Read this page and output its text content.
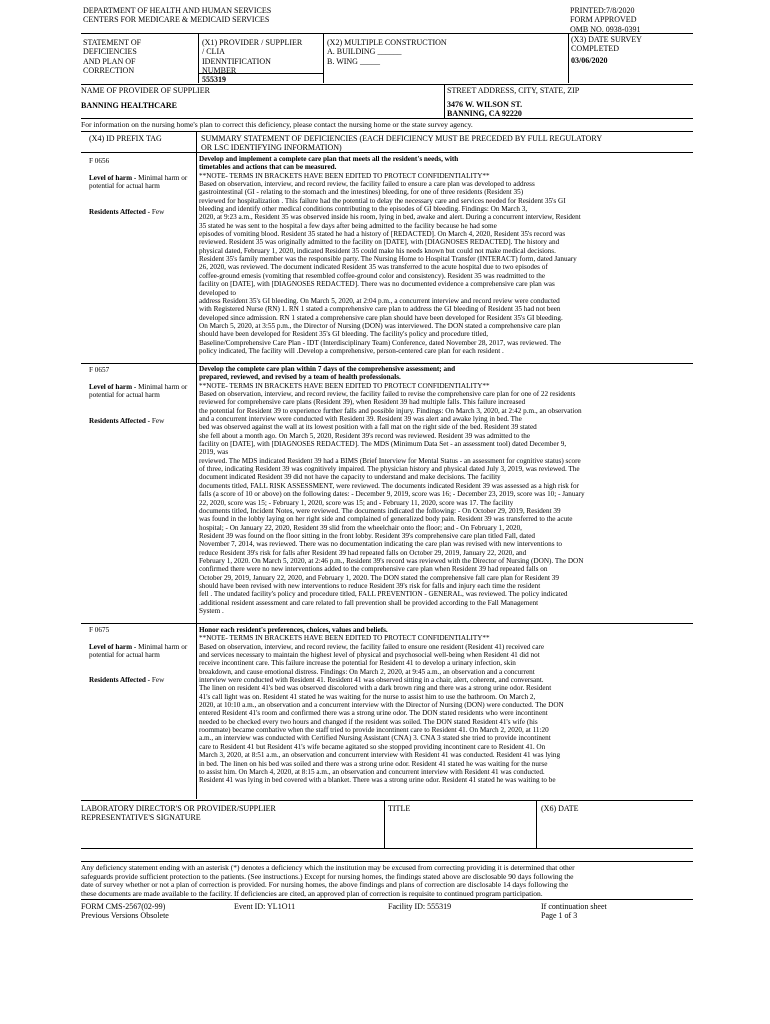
DEPARTMENT OF HEALTH AND HUMAN SERVICES
CENTERS FOR MEDICARE & MEDICAID SERVICES
PRINTED:7/8/2020
FORM APPROVED
OMB NO. 0938-0391
STATEMENT OF
DEFICIENCIES
AND PLAN OF
CORRECTION
(X1) PROVIDER / SUPPLIER
/ CLIA
IDENNTIFICATION
NUMBER
555319
(X2) MULTIPLE CONSTRUCTION
A. BUILDING ______
B. WING _____
(X3) DATE SURVEY
COMPLETED
03/06/2020
NAME OF PROVIDER OF SUPPLIER
BANNING HEALTHCARE
STREET ADDRESS, CITY, STATE, ZIP
3476 W. WILSON ST.
BANNING, CA 92220
For information on the nursing home's plan to correct this deficiency, please contact the nursing home or the state survey agency.
(X4) ID PREFIX TAG	SUMMARY STATEMENT OF DEFICIENCIES (EACH DEFICIENCY MUST BE PRECEDED BY FULL REGULATORY
OR LSC IDENTIFYING INFORMATION)
F 0656
Level of harm - Minimal harm or potential for actual harm
Residents Affected - Few
Develop and implement a complete care plan that meets all the resident's needs, with
timetables and actions that can be measured.
**NOTE- TERMS IN BRACKETS HAVE BEEN EDITED TO PROTECT CONFIDENTIALITY**
Based on observation, interview, and record review, the facility failed to ensure a care plan was developed to address
gastrointestinal (GI - relating to the stomach and the intestines) bleeding, for one of three residents (Resident 35)
reviewed for hospitalization . This failure had the potential to delay the necessary care and services needed for Resident 35's GI
bleeding and identify other medical conditions contributing to the episodes of GI bleeding. Findings: On March 3,
2020, at 9:23 a.m., Resident 35 was observed inside his room, lying in bed, awake and alert. During a concurrent interview, Resident
35 stated he was sent to the hospital a few days after being admitted to the facility because he had some
episodes of vomiting blood. Resident 35 stated he had a history of [REDACTED]. On March 4, 2020, Resident 35's record was
reviewed. Resident 35 was originally admitted to the facility on [DATE], with [DIAGNOSES REDACTED]. The history and
physical dated, February 1, 2020, indicated Resident 35 could make his needs known but could not make medical decisions.
Resident 35's family member was the responsible party. The Nursing Home to Hospital Transfer (INTERACT) form, dated January
26, 2020, was reviewed. The document indicated Resident 35 was transferred to the acute hospital due to two episodes of
coffee-ground emesis (vomiting that resembled coffee-ground color and consistency). Resident 35 was readmitted to the
facility on [DATE], with [DIAGNOSES REDACTED]. There was no documented evidence a comprehensive care plan was
developed to
address Resident 35's GI bleeding. On March 5, 2020, at 2:04 p.m., a concurrent interview and record review were conducted
with Registered Nurse (RN) 1. RN 1 stated a comprehensive care plan to address the GI bleeding of Resident 35 had not been
developed since admission. RN 1 stated a comprehensive care plan should have been developed for Resident 35's GI bleeding.
On March 5, 2020, at 3:55 p.m., the Director of Nursing (DON) was interviewed. The DON stated a comprehensive care plan
should have been developed for Resident 35's GI bleeding. The facility's policy and procedure titled,
Baseline/Comprehensive Care Plan - IDT (Interdisciplinary Team) Conference, dated November 28, 2017, was reviewed. The
policy indicated, The facility will .Develop a comprehensive, person-centered care plan for each resident .
F 0657
Level of harm - Minimal harm or potential for actual harm
Residents Affected - Few
Develop the complete care plan within 7 days of the comprehensive assessment; and
prepared, reviewed, and revised by a team of health professionals.
**NOTE- TERMS IN BRACKETS HAVE BEEN EDITED TO PROTECT CONFIDENTIALITY**
Based on observation, interview, and record review, the facility failed to revise the comprehensive care plan for one of 22 residents
reviewed for comprehensive care plans (Resident 39), when Resident 39 had multiple falls. This failure increased
the potential for Resident 39 to experience further falls and possible injury. Findings: On March 3, 2020, at 2:42 p.m., an observation
and a concurrent interview were conducted with Resident 39. Resident 39 was alert and awake lying in bed. The
bed was observed against the wall at its lowest position with a fall mat on the right side of the bed. Resident 39 stated
she fell about a month ago. On March 5, 2020, Resident 39's record was reviewed. Resident 39 was admitted to the
facility on [DATE], with [DIAGNOSES REDACTED]. The MDS (Minimum Data Set - an assessment tool) dated December 9,
2019, was
reviewed. The MDS indicated Resident 39 had a BIMS (Brief Interview for Mental Status - an assessment for cognitive status) score
of three, indicating Resident 39 was cognitively impaired. The physician history and physical dated July 3, 2019, was reviewed. The
document indicated Resident 39 did not have the capacity to understand and make decisions. The facility
documents titled, FALL RISK ASSESSMENT, were reviewed. The documents indicated Resident 39 was assessed as a high risk for
falls (a score of 10 or above) on the following dates: - December 9, 2019, score was 16; - December 23, 2019, score was 10; - January
22, 2020, score was 15; - February 1, 2020, score was 15; and - February 11, 2020, score was 17. The facility
documents titled, Incident Notes, were reviewed. The documents indicated the following: - On October 29, 2019, Resident 39
was found in the lobby laying on her right side and complained of generalized body pain. Resident 39 was transferred to the acute
hospital; - On January 22, 2020, Resident 39 slid from the wheelchair onto the floor; and - On February 1, 2020,
Resident 39 was found on the floor sitting in the front lobby. Resident 39's comprehensive care plan titled Fall, dated
November 7, 2014, was reviewed. There was no documentation indicating the care plan was revised with new interventions to
reduce Resident 39's risk for falls after Resident 39 had repeated falls on October 29, 2019, January 22, 2020, and
February 1, 2020. On March 5, 2020, at 2:46 p.m., Resident 39's record was reviewed with the Director of Nursing (DON). The DON
confirmed there were no new interventions added to the comprehensive care plan when Resident 39 had repeated falls on
October 29, 2019, January 22, 2020, and February 1, 2020. The DON stated the comprehensive fall care plan for Resident 39
should have been revised with new interventions to reduce Resident 39's risk for falls and injury each time the resident
fell . The undated facility's policy and procedure titled, FALL PREVENTION - GENERAL, was reviewed. The policy indicated
.additional resident assessment and care related to fall prevention shall be provided according to the Fall Management
System .
F 0675
Level of harm - Minimal harm or potential for actual harm
Residents Affected - Few
Honor each resident's preferences, choices, values and beliefs.
**NOTE- TERMS IN BRACKETS HAVE BEEN EDITED TO PROTECT CONFIDENTIALITY**
Based on observation, interview, and record review, the facility failed to ensure one resident (Resident 41) received care
and services necessary to maintain the highest level of physical and psychosocial well-being when Resident 41 did not
receive incontinent care. This failure increase the potential for Resident 41 to develop a urinary infection, skin
breakdown, and cause emotional distress. Findings: On March 2, 2020, at 9:45 a.m., an observation and a concurrent
interview were conducted with Resident 41. Resident 41 was observed sitting in a chair, alert, coherent, and conversant.
The linen on resident 41's bed was observed discolored with a dark brown ring and there was a strong urine odor. Resident
41's call light was on. Resident 41 stated he was waiting for the nurse to assist him to use the bathroom. On March 2,
2020, at 10:10 a.m., an observation and a concurrent interview with the Director of Nursing (DON) were conducted. The DON
entered Resident 41's room and confirmed there was a strong urine odor. The DON stated residents who were incontinent
needed to be checked every two hours and changed if the resident was soiled. The DON stated Resident 41's wife (his
roommate) became combative when the staff tried to provide incontinent care to Resident 41. On March 2, 2020, at 11:20
a.m., an interview was conducted with Certified Nursing Assistant (CNA) 3. CNA 3 stated she tried to provide incontinent
care to Resident 41 but Resident 41's wife became agitated so she stopped providing incontinent care to Resident 41. On
March 3, 2020, at 8:51 a.m., an observation and concurrent interview with Resident 41 was conducted. Resident 41 was lying
in bed. The linen on his bed was soiled and there was a strong urine odor. Resident 41 stated he was waiting for the nurse
to assist him. On March 4, 2020, at 8:15 a.m., an observation and concurrent interview with Resident 41 was conducted.
Resident 41 was lying in bed covered with a blanket. There was a strong urine odor. Resident 41 stated he was waiting to be
LABORATORY DIRECTOR'S OR PROVIDER/SUPPLIER
REPRESENTATIVE'S SIGNATURE
TITLE	(X6) DATE
Any deficiency statement ending with an asterisk (*) denotes a deficiency which the institution may be excused from correcting providing it is determined that other
safeguards provide sufficient protection to the patients. (See instructions.) Except for nursing homes, the findings stated above are disclosable 90 days following the
date of survey whether or not a plan of correction is provided. For nursing homes, the above findings and plans of correction are disclosable 14 days following the
these documents are made available to the facility. If deficiencies are cited, an approved plan of correction is requisite to continued program participation.
FORM CMS-2567(02-99)
Previous Versions Obsolete
Event ID: YL1O11	Facility ID: 555319	If continuation sheet
Page 1 of 3
